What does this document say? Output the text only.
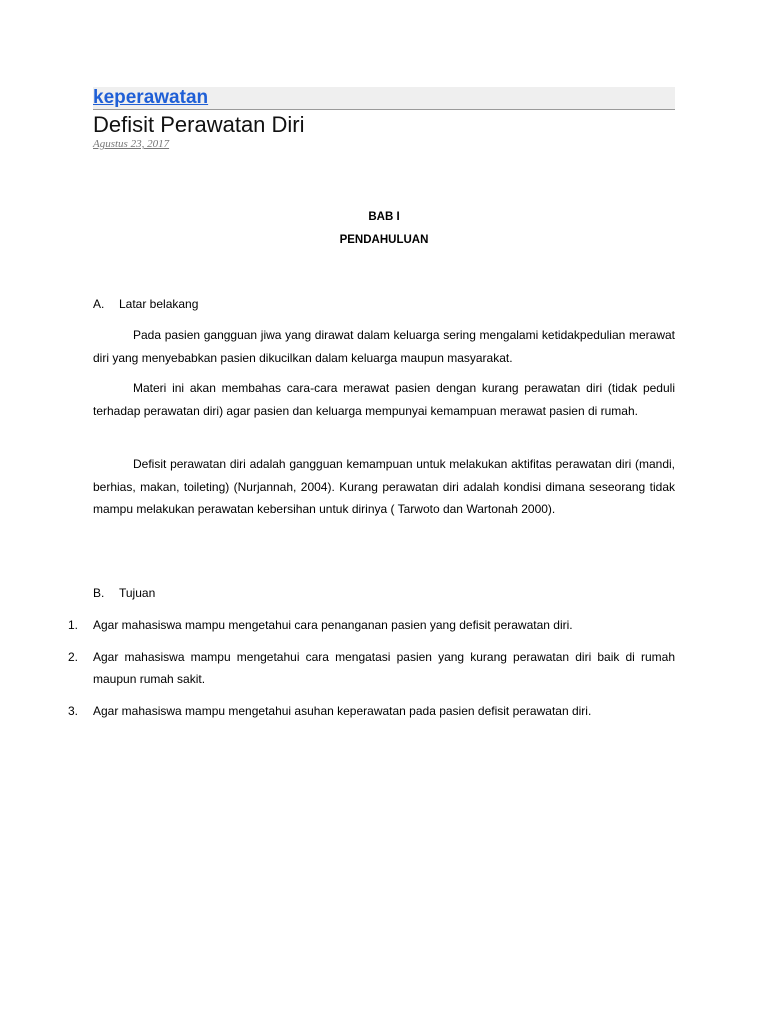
keperawatan
Defisit Perawatan Diri
Agustus 23, 2017
BAB I
PENDAHULUAN
A. Latar belakang

Pada pasien gangguan jiwa yang dirawat dalam keluarga sering mengalami ketidakpedulian merawat diri yang menyebabkan pasien dikucilkan dalam keluarga maupun masyarakat.

Materi ini akan membahas cara-cara merawat pasien dengan kurang perawatan diri (tidak peduli terhadap perawatan diri) agar pasien dan keluarga mempunyai kemampuan merawat pasien di rumah.

Defisit perawatan diri adalah gangguan kemampuan untuk melakukan aktifitas perawatan diri (mandi, berhias, makan, toileting) (Nurjannah, 2004). Kurang perawatan diri adalah kondisi dimana seseorang tidak mampu melakukan perawatan kebersihan untuk dirinya ( Tarwoto dan Wartonah 2000).

B. Tujuan
1.	Agar mahasiswa mampu mengetahui cara penanganan pasien yang defisit perawatan diri.
2.	Agar mahasiswa mampu mengetahui cara mengatasi pasien yang kurang perawatan diri baik di rumah maupun rumah sakit.
3.	Agar mahasiswa mampu mengetahui asuhan keperawatan pada pasien defisit perawatan diri.
